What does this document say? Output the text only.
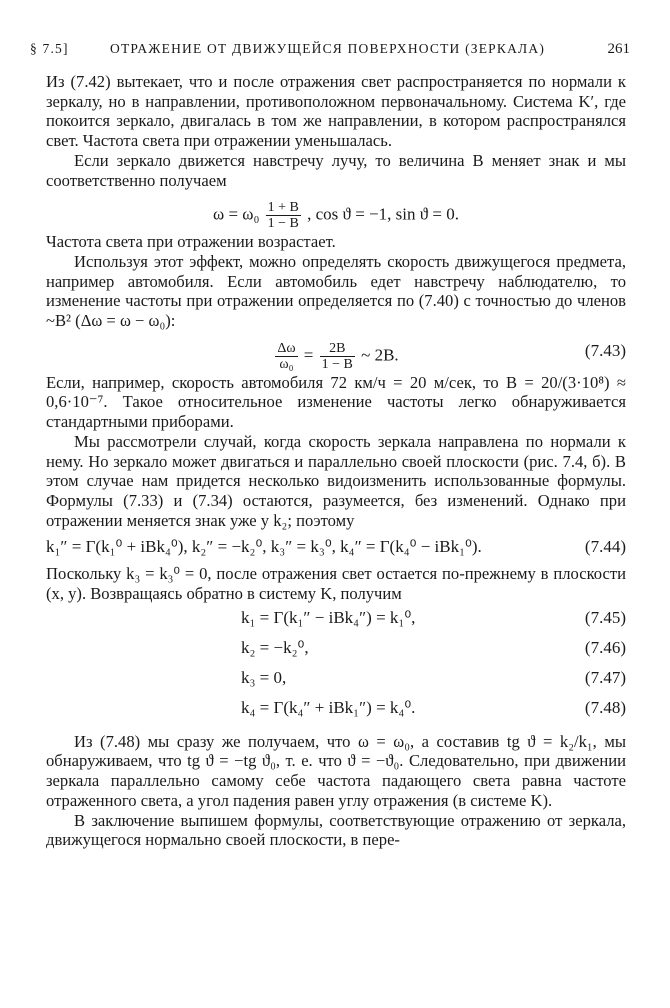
§ 7.5]	ОТРАЖЕНИЕ ОТ ДВИЖУЩЕЙСЯ ПОВЕРХНОСТИ (ЗЕРКАЛА)	261

Из (7.42) вытекает, что и после отражения свет распространяется по нормали к зеркалу, но в направлении, противоположном первоначальному. Система K′, где покоится зеркало, двигалась в том же направлении, в котором распространялся свет. Частота света при отражении уменьшалась.

Если зеркало движется навстречу лучу, то величина B меняет знак и мы соответственно получаем

$\omega = \omega_0 \frac{1 + B}{1 - B}$ , cos ϑ = −1, sin ϑ = 0.

Частота света при отражении возрастает.

Используя этот эффект, можно определять скорость движущегося предмета, например автомобиля. Если автомобиль едет навстречу наблюдателю, то изменение частоты при отражении определяется по (7.40) с точностью до членов ~B² (Δω = ω − ω₀):

$\frac{\Delta\omega}{\text{ω₀}} = \frac{2B}{1 - B}$ ~ 2B.	(7.43)

Если, например, скорость автомобиля 72 км/ч = 20 м/сек, то B = 20/(3·10⁸) ≈ 0,6·10⁻⁷. Такое относительное изменение частоты легко обнаруживается стандартными приборами.

Мы рассмотрели случай, когда скорость зеркала направлена по нормали к нему. Но зеркало может двигаться и параллельно своей плоскости (рис. 7.4, б). В этом случае нам придется несколько видоизменить использованные формулы. Формулы (7.33) и (7.34) остаются, разумеется, без изменений. Однако при отражении меняется знак уже у k₂; поэтому

k₁″ = Γ(k₁⁰ + iBk₄⁰), k₂″ = −k₂⁰, k₃″ = k₃⁰, k₄″ = Γ(k₄⁰ − iBk₁⁰).	(7.44)

Поскольку k₃ = k₃⁰ = 0, после отражения свет остается по-прежнему в плоскости (x, y). Возвращаясь обратно в систему K, получим

k₁ = Γ(k₁″ − iBk₄″) = k₁⁰,	(7.45)
k₂ = −k₂⁰,	(7.46)
k₃ = 0,	(7.47)
k₄ = Γ(k₄″ + iBk₁″) = k₄⁰.	(7.48)

Из (7.48) мы сразу же получаем, что ω = ω₀, а составив tg ϑ = k₂/k₁, мы обнаруживаем, что tg ϑ = −tg ϑ₀, т. е. что ϑ = −ϑ₀. Следовательно, при движении зеркала параллельно самому себе частота падающего света равна частоте отраженного света, а угол падения равен углу отражения (в системе K).

В заключение выпишем формулы, соответствующие отражению от зеркала, движущегося нормально своей плоскости, в пере-
